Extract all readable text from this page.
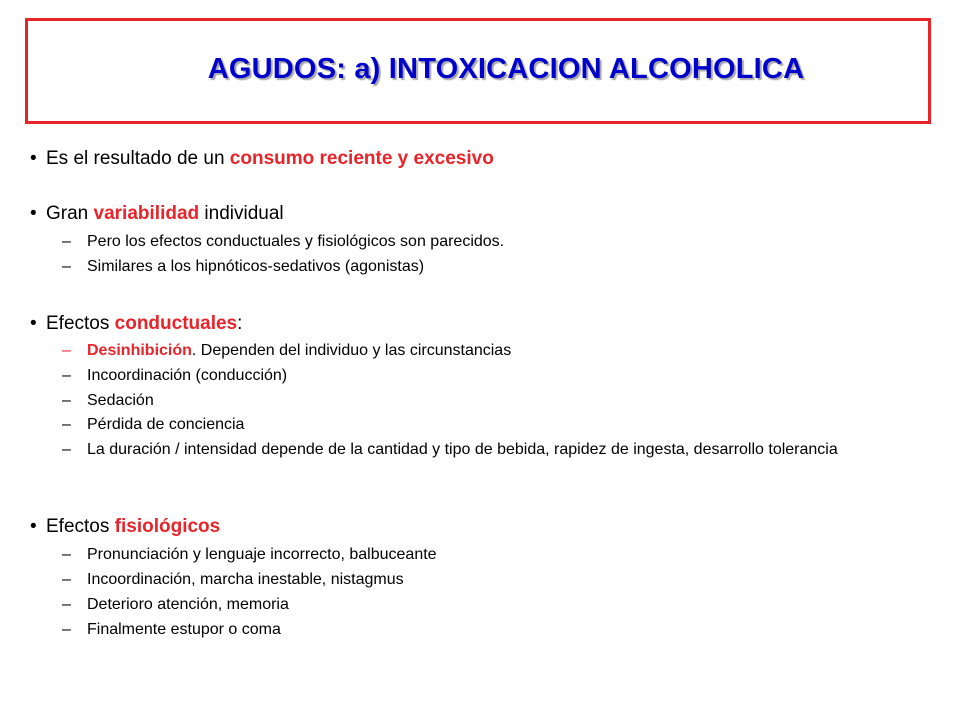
AGUDOS: a) INTOXICACION ALCOHOLICA
• Es el resultado de un consumo reciente y excesivo
• Gran variabilidad individual
– Pero los efectos conductuales y fisiológicos son parecidos.
– Similares a los hipnóticos-sedativos (agonistas)
• Efectos conductuales:
– Desinhibición. Dependen del individuo y las circunstancias
– Incoordinación (conducción)
– Sedación
– Pérdida de conciencia
– La duración / intensidad depende de la cantidad y tipo de bebida, rapidez de ingesta, desarrollo tolerancia
• Efectos fisiológicos
– Pronunciación y lenguaje incorrecto, balbuceante
– Incoordinación, marcha inestable, nistagmus
– Deterioro atención, memoria
– Finalmente estupor o coma
